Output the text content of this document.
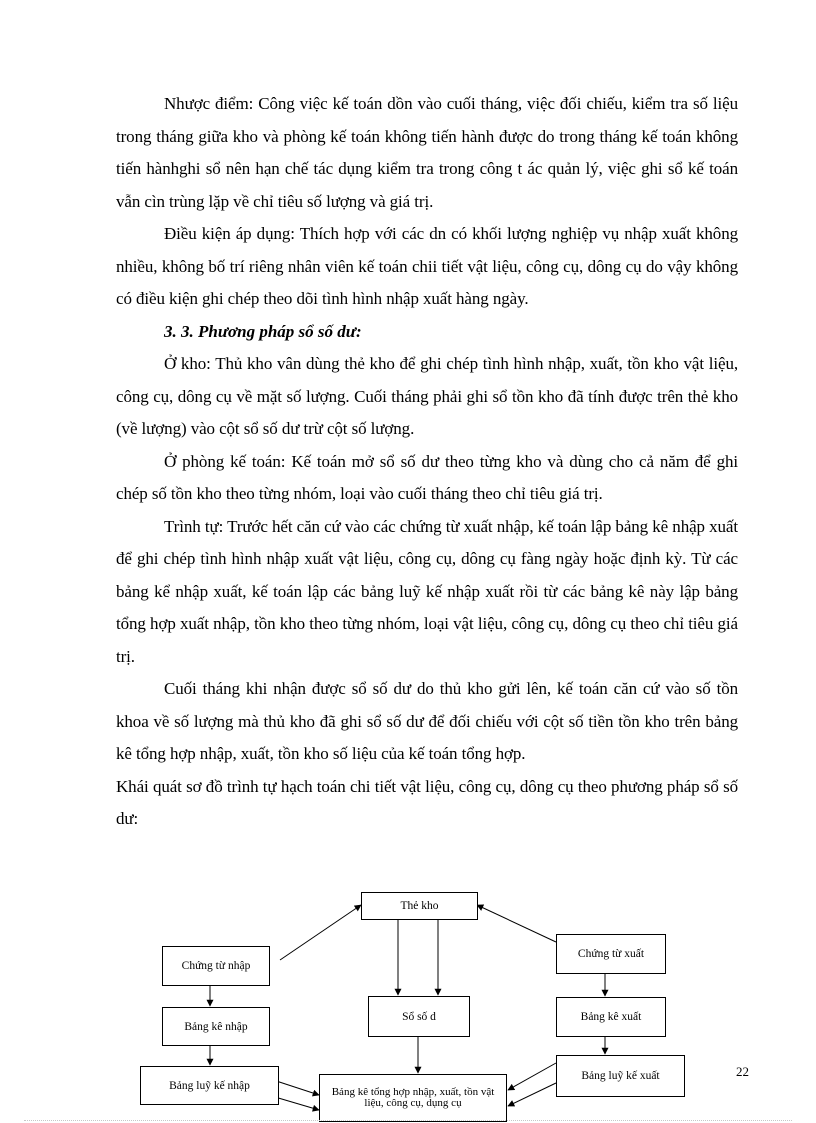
Nhược điểm: Công việc kế toán dồn vào cuối tháng, việc đối chiếu, kiểm tra số liệu trong tháng giữa kho và phòng kế toán không tiến hành được do trong tháng kế toán không tiến hànhghi sổ nên hạn chế tác dụng kiểm tra trong công t ác quản lý, việc ghi sổ kế toán vẫn cìn trùng lặp về chỉ tiêu số lượng và giá trị.

Điều kiện áp dụng: Thích hợp với các dn có khối lượng nghiệp vụ nhập xuất không nhiều, không bố trí riêng nhân viên kế toán chii tiết vật liệu, công cụ, dông cụ do vậy không có điều kiện ghi chép theo dõi tình hình nhập xuất hàng ngày.

3. 3. Phương pháp sổ số dư:

Ở kho: Thủ kho vân dùng thẻ kho để ghi chép tình hình nhập, xuất, tồn kho vật liệu, công cụ, dông cụ về mặt số lượng. Cuối tháng phải ghi sổ tồn kho đã tính được trên thẻ kho (về lượng) vào cột sổ số dư trừ cột số lượng.

Ở phòng kế toán: Kế toán mở sổ số dư theo từng kho và dùng cho cả năm để ghi chép số tồn kho theo từng nhóm, loại vào cuối tháng theo chỉ tiêu giá trị.

Trình tự: Trước hết căn cứ vào các chứng từ xuất nhập, kế toán lập bảng kê nhập xuất để ghi chép tình hình nhập xuất vật liệu, công cụ, dông cụ fàng ngày hoặc định kỳ. Từ các bảng kể nhập xuất, kế toán lập các bảng luỹ kế nhập xuất rồi từ các bảng kê này lập bảng tổng hợp xuất nhập, tồn kho theo từng nhóm, loại vật liệu, công cụ, dông cụ theo chỉ tiêu giá trị.

Cuối tháng khi nhận được sổ số dư do thủ kho gửi lên, kế toán căn cứ vào số tồn khoa về số lượng mà thủ kho đã ghi sổ số dư để đối chiếu với cột số tiền tồn kho trên bảng kê tổng hợp nhập, xuất, tồn kho số liệu của kế toán tổng hợp.

Khái quát sơ đồ trình tự hạch toán chi tiết vật liệu, công cụ, dông cụ theo phương pháp sổ số dư:

Thẻ kho
Chứng từ nhập
Chứng từ xuất
Bảng kê nhập
Sổ số d	Bảng kê xuất
Bảng luỹ kế nhập
Bảng luỹ kế xuất
Bảng kê tổng hợp nhập, xuất, tồn vật liệu, công cụ, dụng cụ
22
